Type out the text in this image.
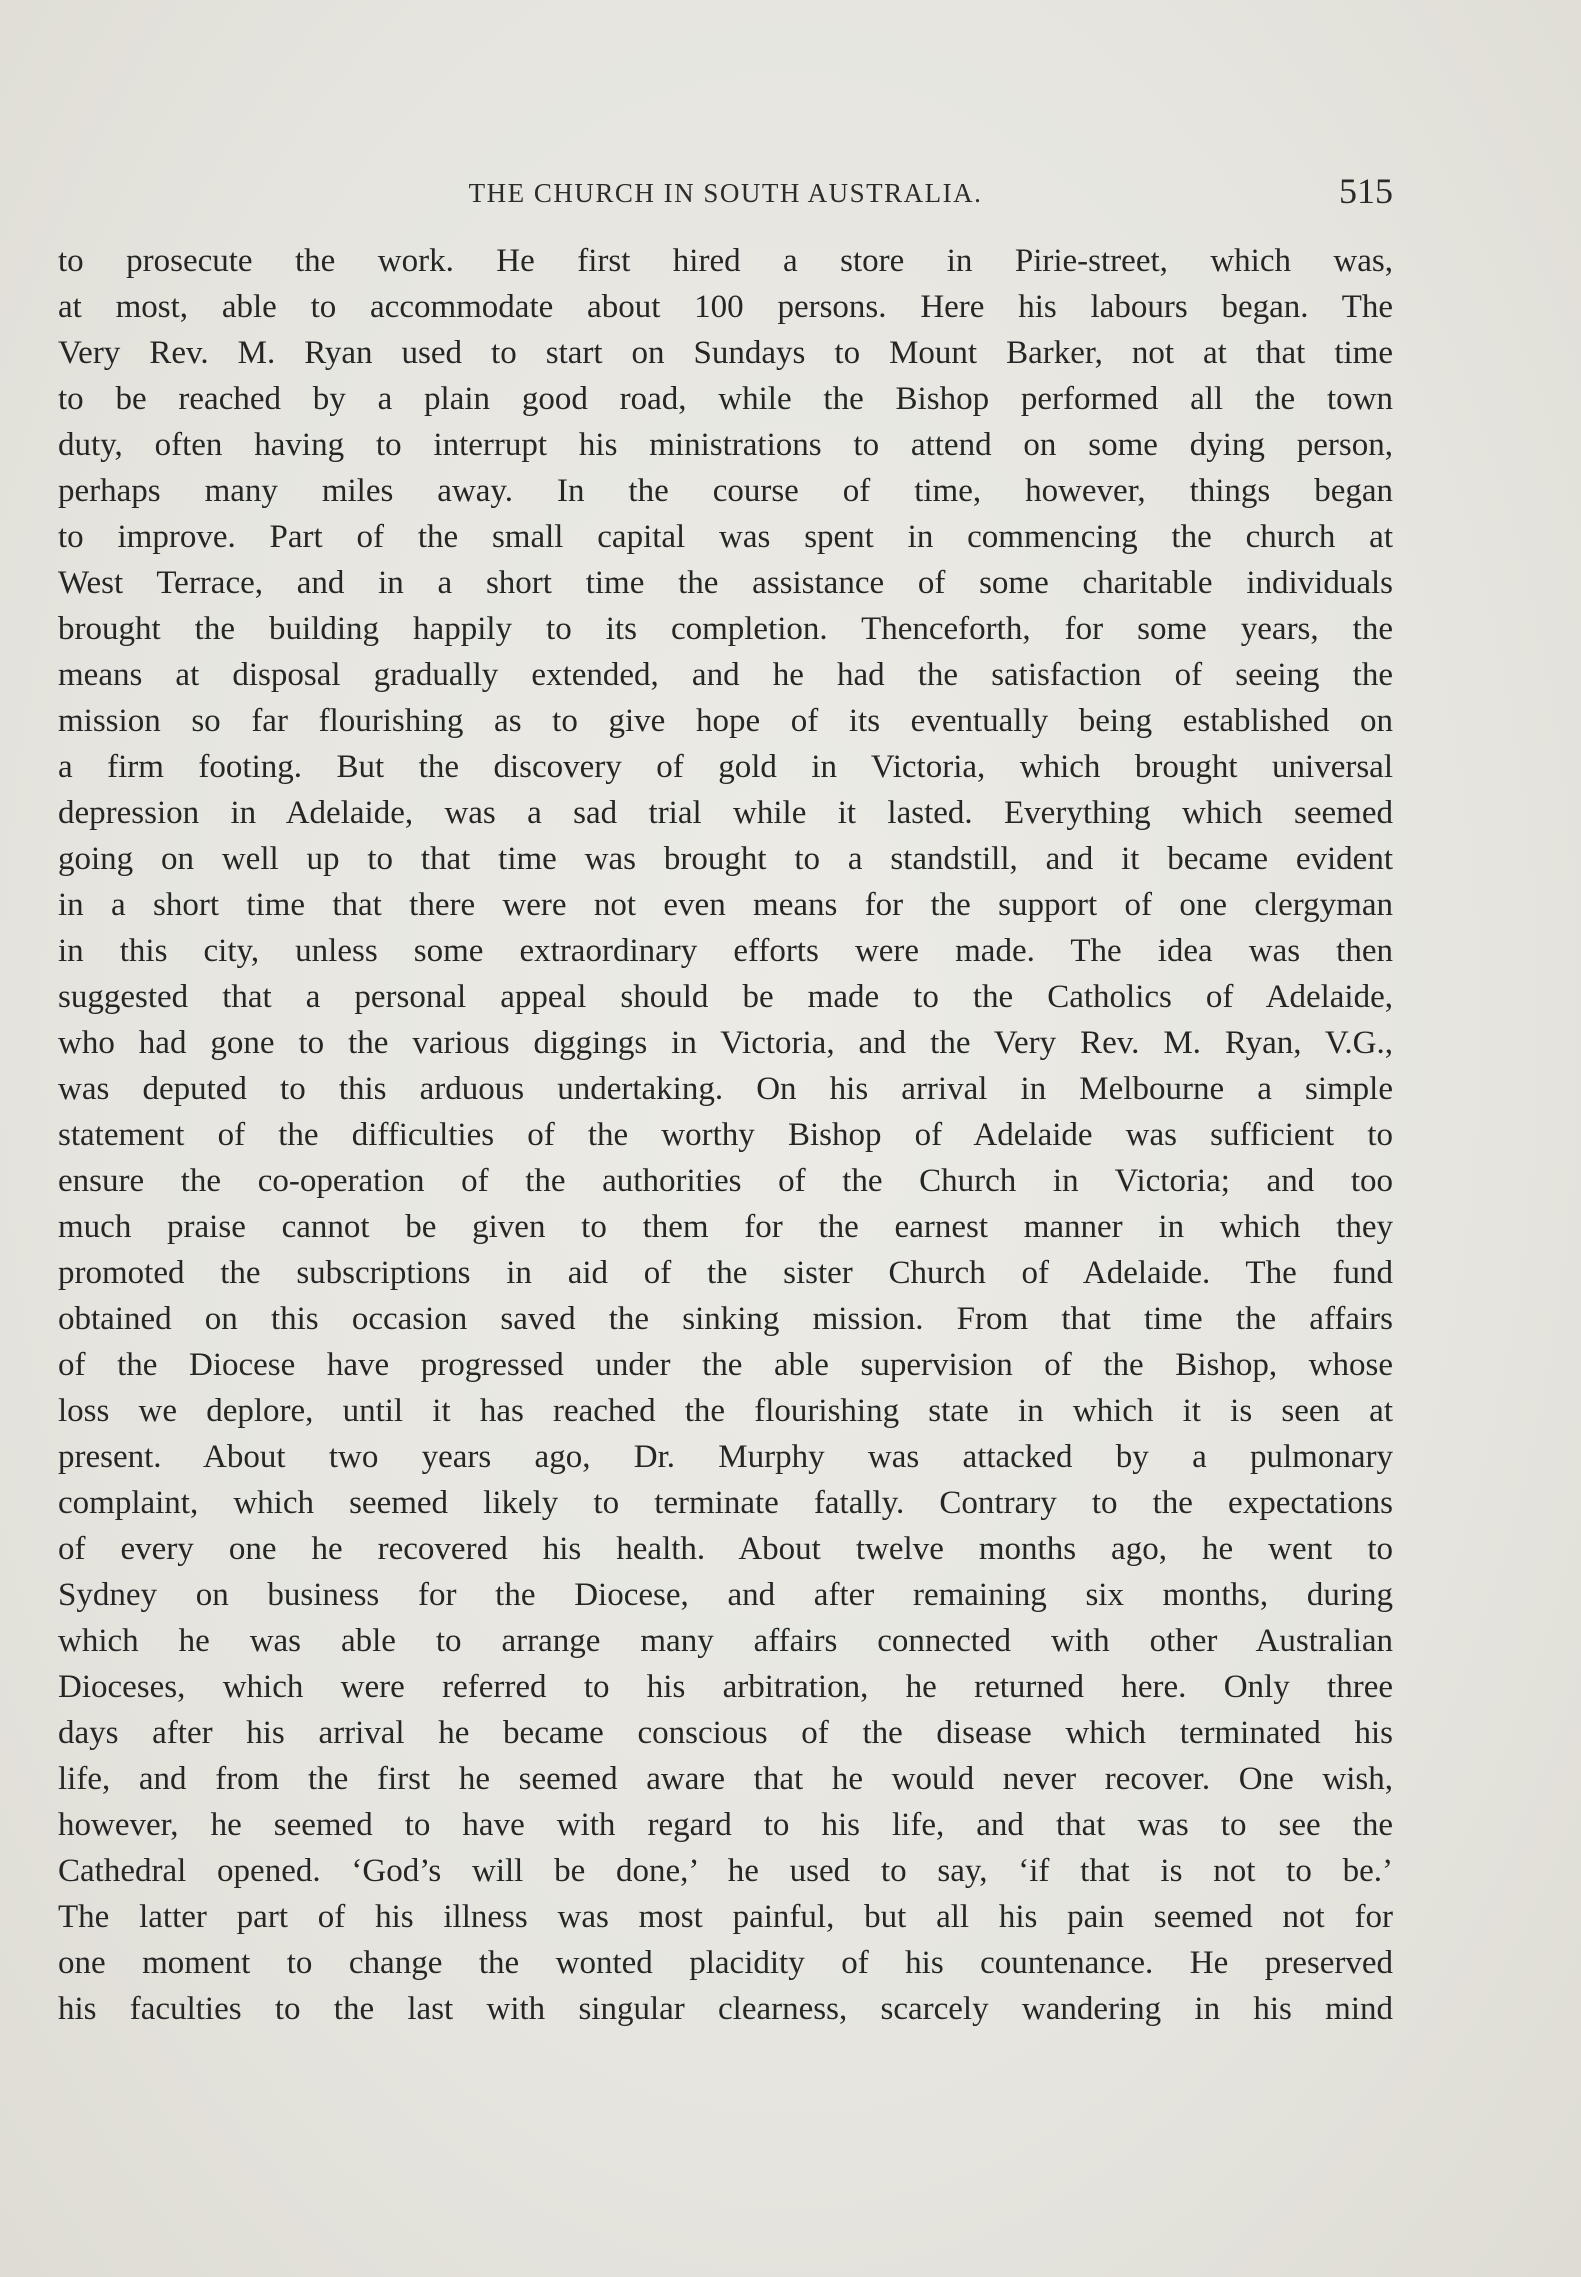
THE CHURCH IN SOUTH AUSTRALIA.	515
to prosecute the work. He first hired a store in Pirie-street, which was,
at most, able to accommodate about 100 persons. Here his labours began. The
Very Rev. M. Ryan used to start on Sundays to Mount Barker, not at that time
to be reached by a plain good road, while the Bishop performed all the town
duty, often having to interrupt his ministrations to attend on some dying person,
perhaps many miles away. In the course of time, however, things began
to improve. Part of the small capital was spent in commencing the church at
West Terrace, and in a short time the assistance of some charitable individuals
brought the building happily to its completion. Thenceforth, for some years, the
means at disposal gradually extended, and he had the satisfaction of seeing the
mission so far flourishing as to give hope of its eventually being established on
a firm footing. But the discovery of gold in Victoria, which brought universal
depression in Adelaide, was a sad trial while it lasted. Everything which seemed
going on well up to that time was brought to a standstill, and it became evident
in a short time that there were not even means for the support of one clergyman
in this city, unless some extraordinary efforts were made. The idea was then
suggested that a personal appeal should be made to the Catholics of Adelaide,
who had gone to the various diggings in Victoria, and the Very Rev. M. Ryan, V.G.,
was deputed to this arduous undertaking. On his arrival in Melbourne a simple
statement of the difficulties of the worthy Bishop of Adelaide was sufficient to
ensure the co-operation of the authorities of the Church in Victoria; and too
much praise cannot be given to them for the earnest manner in which they
promoted the subscriptions in aid of the sister Church of Adelaide. The fund
obtained on this occasion saved the sinking mission. From that time the affairs
of the Diocese have progressed under the able supervision of the Bishop, whose
loss we deplore, until it has reached the flourishing state in which it is seen at
present. About two years ago, Dr. Murphy was attacked by a pulmonary
complaint, which seemed likely to terminate fatally. Contrary to the expectations
of every one he recovered his health. About twelve months ago, he went to
Sydney on business for the Diocese, and after remaining six months, during
which he was able to arrange many affairs connected with other Australian
Dioceses, which were referred to his arbitration, he returned here. Only three
days after his arrival he became conscious of the disease which terminated his
life, and from the first he seemed aware that he would never recover. One wish,
however, he seemed to have with regard to his life, and that was to see the
Cathedral opened. ‘God’s will be done,’ he used to say, ‘if that is not to be.’
The latter part of his illness was most painful, but all his pain seemed not for
one moment to change the wonted placidity of his countenance. He preserved
his faculties to the last with singular clearness, scarcely wandering in his mind
